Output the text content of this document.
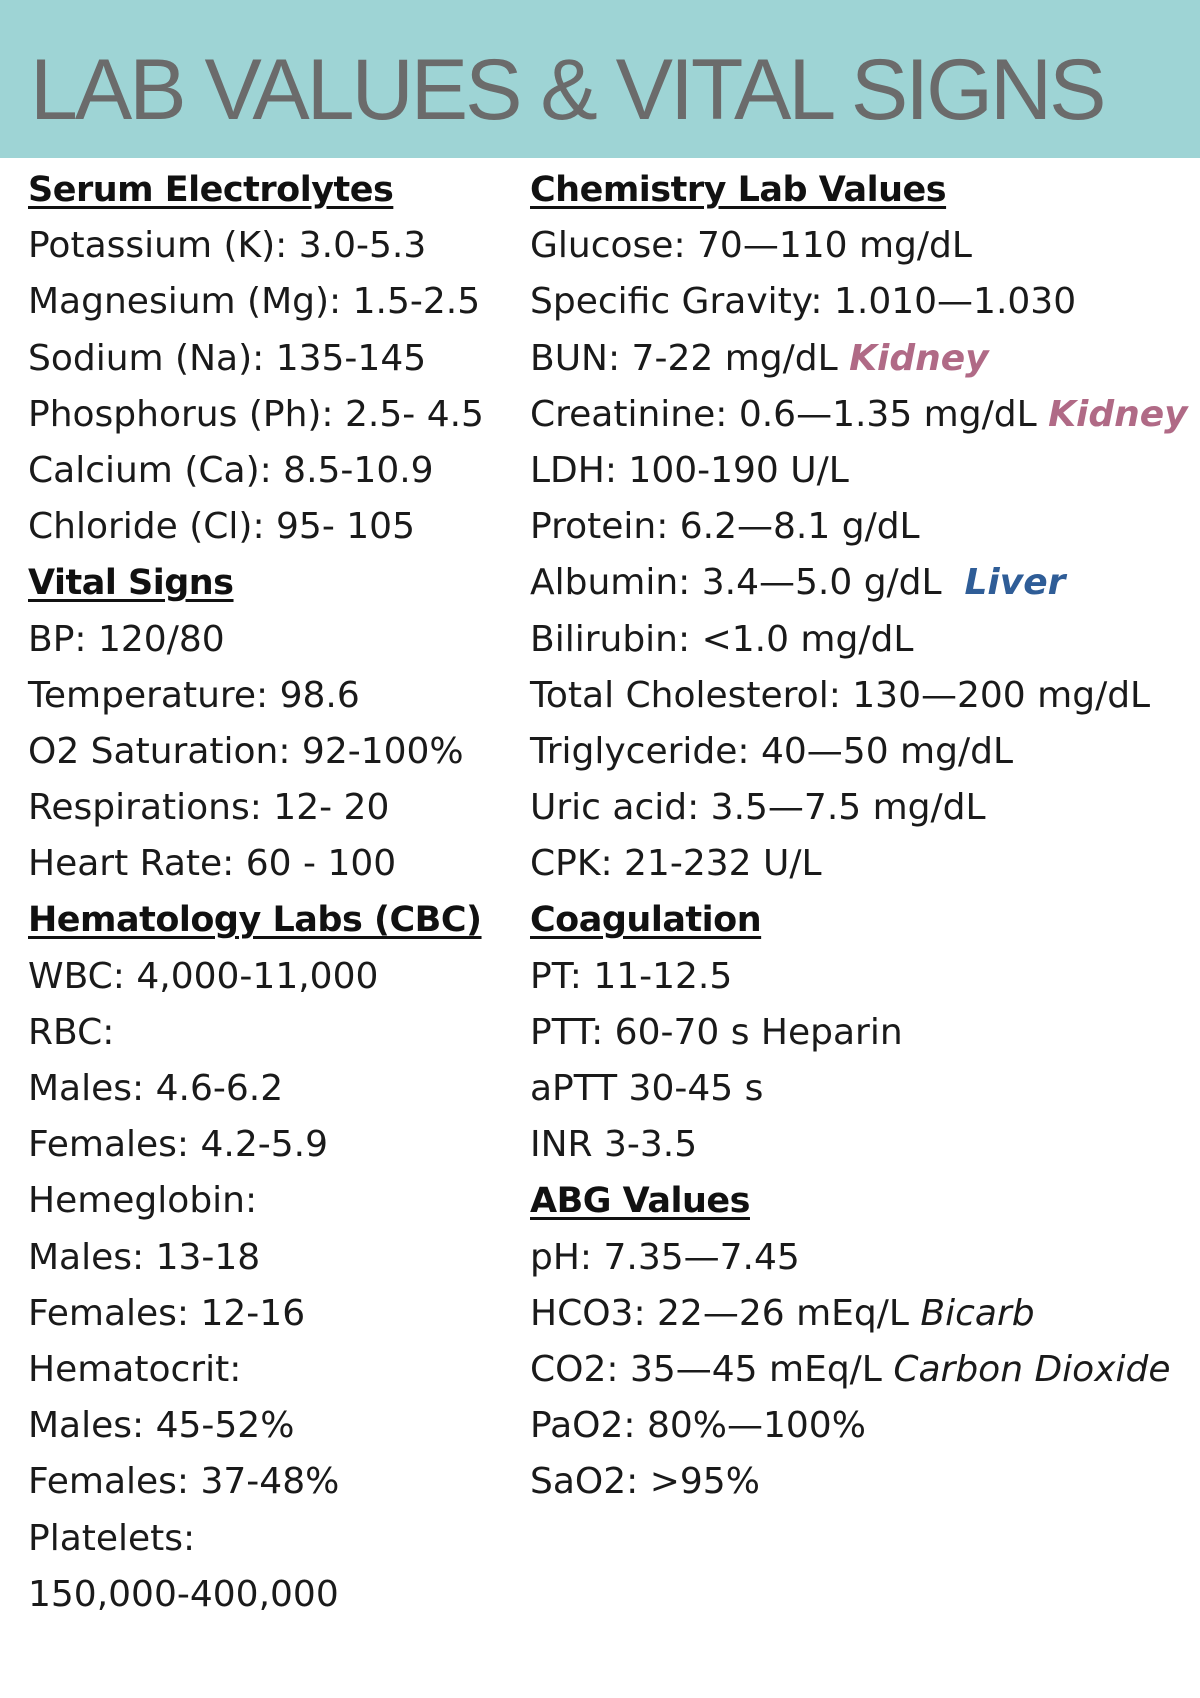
LAB VALUES & VITAL SIGNS
Serum Electrolytes
Potassium (K): 3.0-5.3
Magnesium (Mg): 1.5-2.5
Sodium (Na): 135-145
Phosphorus (Ph): 2.5- 4.5
Calcium (Ca): 8.5-10.9
Chloride (Cl): 95- 105
Vital Signs
BP: 120/80
Temperature: 98.6
O2 Saturation: 92-100%
Respirations: 12- 20
Heart Rate: 60 - 100
Hematology Labs (CBC)
WBC: 4,000-11,000
RBC:
Males: 4.6-6.2
Females: 4.2-5.9
Hemeglobin:
Males: 13-18
Females: 12-16
Hematocrit:
Males: 45-52%
Females: 37-48%
Platelets:
150,000-400,000
Chemistry Lab Values
Glucose: 70—110 mg/dL
Specific Gravity: 1.010—1.030
BUN: 7-22 mg/dL Kidney
Creatinine: 0.6—1.35 mg/dL Kidney
LDH: 100-190 U/L
Protein: 6.2—8.1 g/dL
Albumin: 3.4—5.0 g/dL Liver
Bilirubin: <1.0 mg/dL
Total Cholesterol: 130—200 mg/dL
Triglyceride: 40—50 mg/dL
Uric acid: 3.5—7.5 mg/dL
CPK: 21-232 U/L
Coagulation
PT: 11-12.5
PTT: 60-70 s Heparin
aPTT 30-45 s
INR 3-3.5
ABG Values
pH: 7.35—7.45
HCO3: 22—26 mEq/L Bicarb
CO2: 35—45 mEq/L Carbon Dioxide
PaO2: 80%—100%
SaO2: >95%
